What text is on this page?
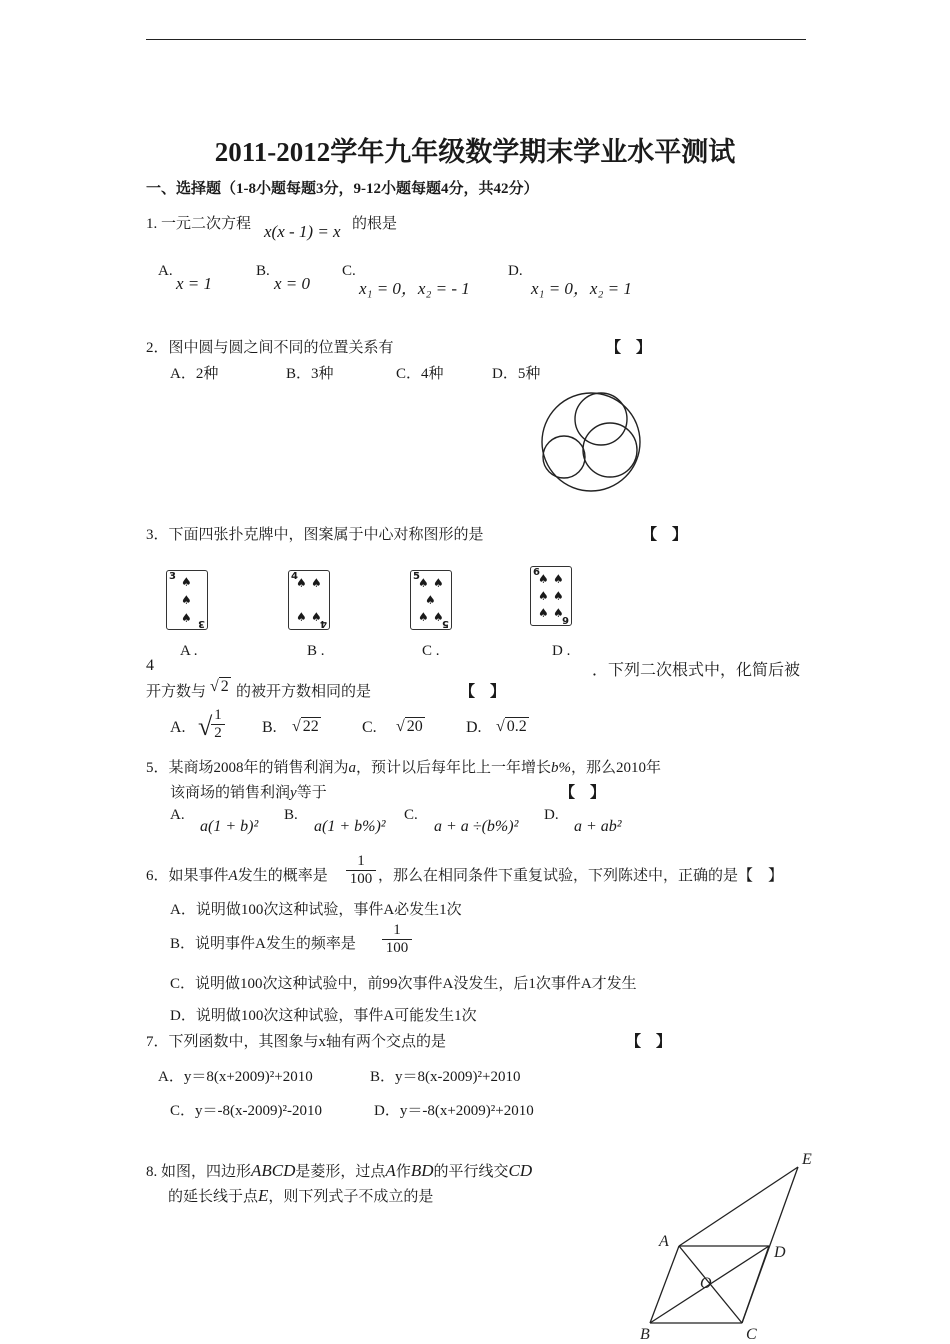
2011-2012学年九年级数学期末学业水平测试
一、选择题（1-8小题每题3分，9-12小题每题4分，共42分）
1. 一元二次方程 x(x - 1) = x 的根是
A.
x = 1
B.
x = 0
C.
x₁ = 0，x₂ = - 1
D.
x₁ = 0，x₂ = 1
2．图中圆与圆之间不同的位置关系有	【　】
A．2种	B．3种	C．4种	D．5种
3．下面四张扑克牌中，图案属于中心对称图形的是	【　】
3 ♠
♠
♠ 3
4
♠ ♠
♠ ♠
4
5
♠ ♠
♠
♠ ♠
5
6
♠ ♠
♠ ♠
♠ ♠
6
A .	B .	C .	D .
4	．下列二次根式中，化简后被
开方数与 √ 2 的被开方数相同的是	【　】
A. √
$\frac{1}{2} B$. √ 22	C. √ 20	D. √ 0.2
5．某商场2008年的销售利润为a，预计以后每年比上一年增长b%，那么2010年
该商场的销售利润y等于	【　】
A.
a(1 + b)²
B.
a(1 + b%)²
C.
a + a ÷(b%)²
D.
a + ab²
6．如果事件A发生的概率是 $\frac{1}{100}$ ，那么在相同条件下重复试验，下列陈述中，正确的是【　】
A．说明做100次这种试验，事件A必发生1次
B．说明事件A发生的频率是 $\frac{1}{100}$
C．说明做100次这种试验中，前99次事件A没发生，后1次事件A才发生
D．说明做100次这种试验，事件A可能发生1次
7．下列函数中，其图象与x轴有两个交点的是	【　】
A．y＝8(x+2009)²+2010	B．y＝8(x-2009)²+2010
C．y＝-8(x-2009)²-2010	D．y＝-8(x+2009)²+2010
8. 如图，四边形ABCD是菱形，过点A作BD的平行线交CD
的延长线于点E，则下列式子不成立的是
A
B	C
D
E
O
